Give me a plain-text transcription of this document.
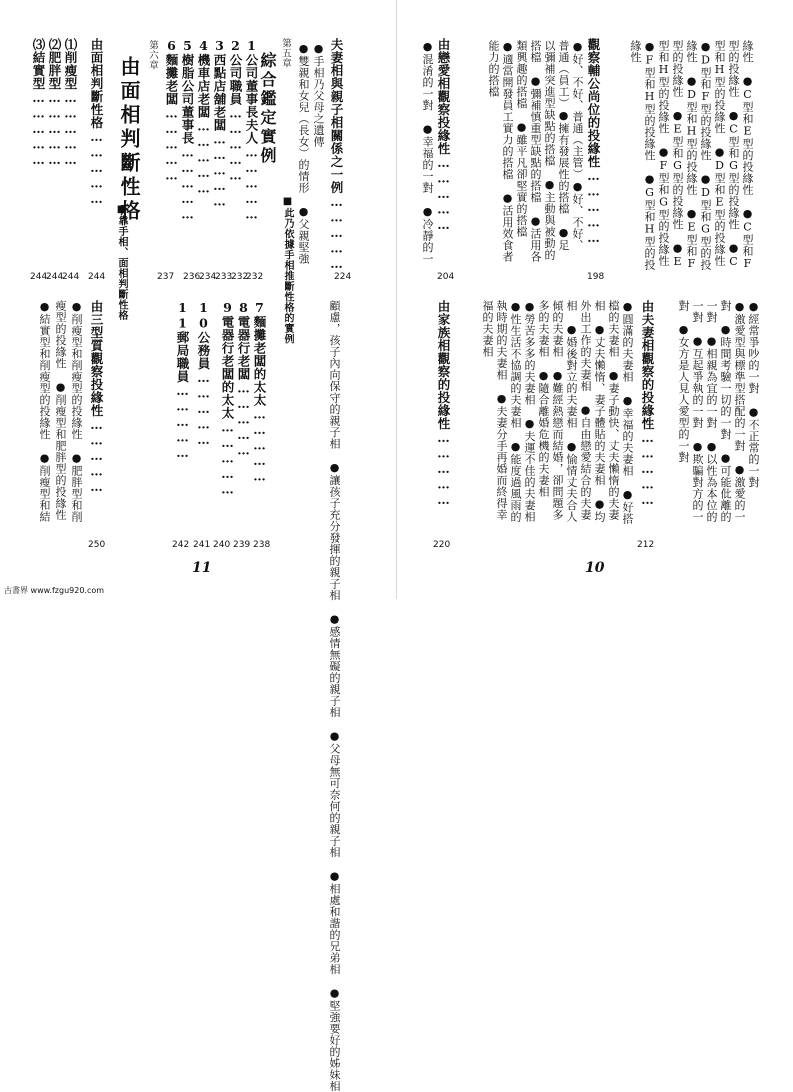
夫妻相與親子相關係之一例……………
224
●手相乃父母之遺傳
●雙親和女兒（長女）的情形　●父親堅強
第五章
綜合鑑定實例
■此乃依據手相推斷性格的實例
1公司董事長夫人……………
232
2公司職員……………
232
3西點店舖老闆……………
233
4機車店老闆……………
234
5樹脂公司董事長……………
236
6麵攤老闆……………
237
第六章
由面相判斷性格
■靠手相、面相判斷性格
由面相判斷性格……………
244
⑴削瘦型……………
244
⑵肥胖型……………
244
⑶結實型……………
244
顧慮，孩子內向保守的親子相　●讓孩子充分發揮的親子相　●感情無礙的親子相　●父母無可奈何的親子相　●相處和諧的兄弟相　●堅強要好的姊妹相
7麵攤老闆的太太……………
238
8電器行老闆……………
239
9電器行老闆的太太……………
240
10公務員……………
241
11郵局職員……………
242
由三型質觀察投緣性……………
250
●削瘦型和削瘦型的投緣性　●肥胖型和削
瘦型的投緣性　●削瘦型和肥胖型的投緣性
●結實型和削瘦型的投緣性　●削瘦型和結
11
緣性 ●F型和H型的投緣性　●G型和H型的投 型和H型的投緣性　●F型和G型的投緣性 型的投緣性　●E型和G型的投緣性　●E 緣性　●D型和H型的投緣性　●E型和F ●D型和F型的投緣性　●D型和G型的投 型和H型的投緣性　●D型和E型的投緣性 型的投緣性　●C型和G型的投緣性　●C 緣性　●C型和E型的投緣性　●C型和F
觀察輔公尚位的投緣性……………
198
●好、不好、普通（主管）●好、不好、
普通（員工）●擁有發展性的搭檔　●足
以彌補突進型缺點的搭檔　●主動與被動的
搭檔　●彌補慎重型缺點的搭檔　●活用各
類興趣的搭檔　●雖平凡卻堅實的搭檔
●適當開發員工實力的搭檔　●活用效食者
能力的搭檔
由戀愛相觀察投緣性……………
204
●混淆的一對　●幸福的一對　●冷靜的一
由夫妻相觀察的投緣性……………
212
●經常爭吵的一對　●不正常的一對
●激愛型與標準型搭配的一對　●激愛的一
對　●時間考驗一切的一對　●可能仳離的
一對　●相親為宜的一對　●以性為本位的
一對　●互起爭執的一對　●欺騙對方的一
對　●女方是人見人愛型的一對
●圓滿的夫妻相　●幸福的夫妻相　●好搭
檔的夫妻相　●妻子動快、丈夫懶惰的夫妻
相　●丈夫懶惰、妻子體貼的夫妻相　●均
外出工作的夫妻相　●自由戀愛結合的夫妻
相　●婚後對立的夫妻相　●愉情丈夫合人
傾的夫妻相　●難經熱戀而結婚，卻問題多
多的夫妻相　●隨合離婚危機的夫妻相
●勞苦多多的夫妻相　●夫運不佳的夫妻相
●性生活不協調的夫妻相　●能度過風雨的
執時期的夫妻相　●夫妻分手再婚而終得幸
福的夫妻相
由家族相觀察的投緣性……………
220
10
古書界 www.fzgu920.com
